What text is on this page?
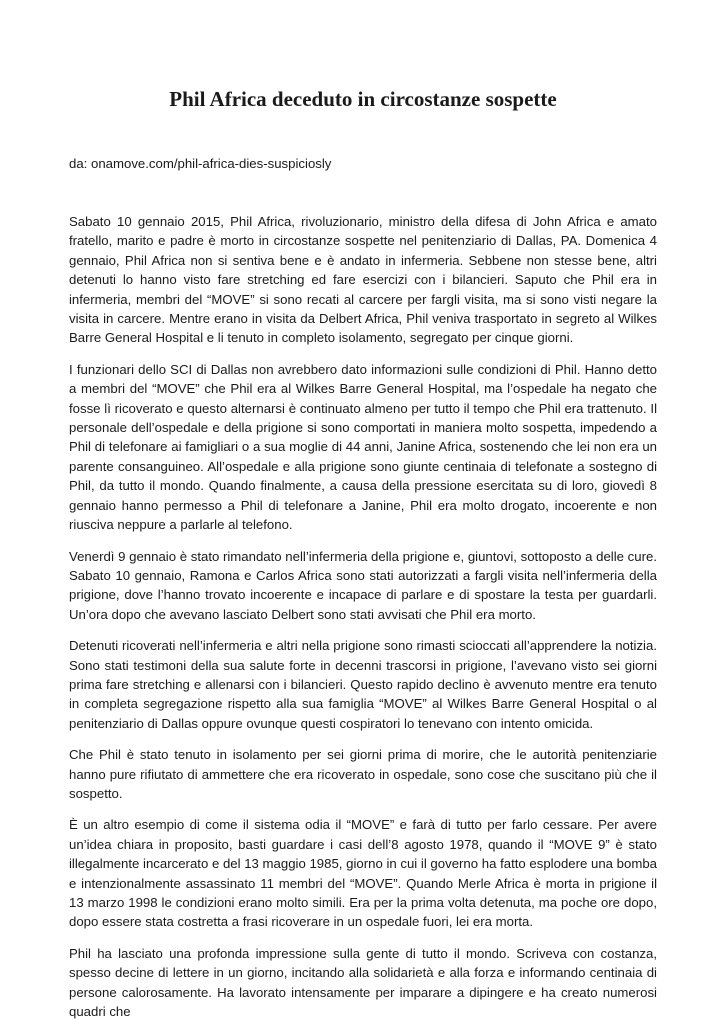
Phil Africa deceduto in circostanze sospette

da: onamove.com/phil-africa-dies-suspiciosly

Sabato 10 gennaio 2015, Phil Africa, rivoluzionario, ministro della difesa di John Africa e amato fratello, marito e padre è morto in circostanze sospette nel penitenziario di Dallas, PA. Domenica 4 gennaio, Phil Africa non si sentiva bene e è andato in infermeria. Sebbene non stesse bene, altri detenuti lo hanno visto fare stretching ed fare esercizi con i bilancieri. Saputo che Phil era in infermeria, membri del “MOVE” si sono recati al carcere per fargli visita, ma si sono visti negare la visita in carcere. Mentre erano in visita da Delbert Africa, Phil veniva trasportato in segreto al Wilkes Barre General Hospital e li tenuto in completo isolamento, segregato per cinque giorni.

I funzionari dello SCI di Dallas non avrebbero dato informazioni sulle condizioni di Phil. Hanno detto a membri del “MOVE” che Phil era al Wilkes Barre General Hospital, ma l’ospedale ha negato che fosse lì ricoverato e questo alternarsi è continuato almeno per tutto il tempo che Phil era trattenuto. Il personale dell’ospedale e della prigione si sono comportati in maniera molto sospetta, impedendo a Phil di telefonare ai famigliari o a sua moglie di 44 anni, Janine Africa, sostenendo che lei non era un parente consanguineo. All’ospedale e alla prigione sono giunte centinaia di telefonate a sostegno di Phil, da tutto il mondo. Quando finalmente, a causa della pressione esercitata su di loro, giovedì 8 gennaio hanno permesso a Phil di telefonare a Janine, Phil era molto drogato, incoerente e non riusciva neppure a parlarle al telefono.

Venerdì 9 gennaio è stato rimandato nell’infermeria della prigione e, giuntovi, sottoposto a delle cure. Sabato 10 gennaio, Ramona e Carlos Africa sono stati autorizzati a fargli visita nell’infermeria della prigione, dove l’hanno trovato incoerente e incapace di parlare e di spostare la testa per guardarli. Un’ora dopo che avevano lasciato Delbert sono stati avvisati che Phil era morto.

Detenuti ricoverati nell’infermeria e altri nella prigione sono rimasti scioccati all’apprendere la notizia. Sono stati testimoni della sua salute forte in decenni trascorsi in prigione, l’avevano visto sei giorni prima fare stretching e allenarsi con i bilancieri. Questo rapido declino è avvenuto mentre era tenuto in completa segregazione rispetto alla sua famiglia “MOVE” al Wilkes Barre General Hospital o al penitenziario di Dallas oppure ovunque questi cospiratori lo tenevano con intento omicida.

Che Phil è stato tenuto in isolamento per sei giorni prima di morire, che le autorità penitenziarie hanno pure rifiutato di ammettere che era ricoverato in ospedale, sono cose che suscitano più che il sospetto.

È un altro esempio di come il sistema odia il “MOVE” e farà di tutto per farlo cessare. Per avere un’idea chiara in proposito, basti guardare i casi dell’8 agosto 1978, quando il “MOVE 9” è stato illegalmente incarcerato e del 13 maggio 1985, giorno in cui il governo ha fatto esplodere una bomba e intenzionalmente assassinato 11 membri del “MOVE”. Quando Merle Africa è morta in prigione il 13 marzo 1998 le condizioni erano molto simili. Era per la prima volta detenuta, ma poche ore dopo, dopo essere stata costretta a frasi ricoverare in un ospedale fuori, lei era morta.

Phil ha lasciato una profonda impressione sulla gente di tutto il mondo. Scriveva con costanza, spesso decine di lettere in un giorno, incitando alla solidarietà e alla forza e informando centinaia di persone calorosamente. Ha lavorato intensamente per imparare a dipingere e ha creato numerosi quadri che
